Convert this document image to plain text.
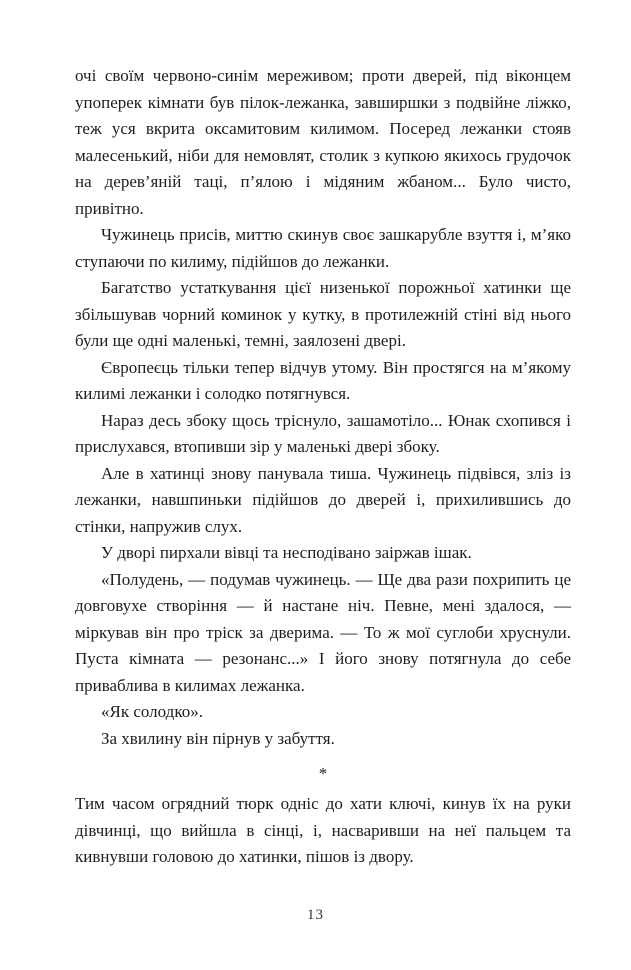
очі своїм червоно-синім мереживом; проти дверей, під віконцем упоперек кімнати був пілок-лежанка, завширшки з подвійне ліжко, теж уся вкрита оксамитовим килимом. Посеред лежанки стояв малесенький, ніби для немовлят, столик з купкою якихось грудочок на дерев’яній таці, п’ялою і мідяним жбаном... Було чисто, привітно.

Чужинець присів, миттю скинув своє зашкарубле взуття і, м’яко ступаючи по килиму, підійшов до лежанки.

Багатство устаткування цієї низенької порожньої хатинки ще збільшував чорний коминок у кутку, в протилежній стіні від нього були ще одні маленькі, темні, заялозені двері.

Європеєць тільки тепер відчув утому. Він простягся на м’якому килимі лежанки і солодко потягнувся.

Нараз десь збоку щось тріснуло, зашамотіло... Юнак схопився і прислухався, втопивши зір у маленькі двері збоку.

Але в хатинці знову панувала тиша. Чужинець підвівся, зліз із лежанки, навшпиньки підійшов до дверей і, прихилившись до стінки, напружив слух.

У дворі пирхали вівці та несподівано заіржав ішак.

«Полудень, — подумав чужинець. — Ще два рази похрипить це довговухе створіння — й настане ніч. Певне, мені здалося, — міркував він про тріск за дверима. — То ж мої суглоби хруснули. Пуста кімната — резонанс...» І його знову потягнула до себе приваблива в килимах лежанка.

«Як солодко».

За хвилину він пірнув у забуття.

*

Тим часом огрядний тюрк одніс до хати ключі, кинув їх на руки дівчинці, що вийшла в сінці, і, насваривши на неї пальцем та кивнувши головою до хатинки, пішов із двору.

13
